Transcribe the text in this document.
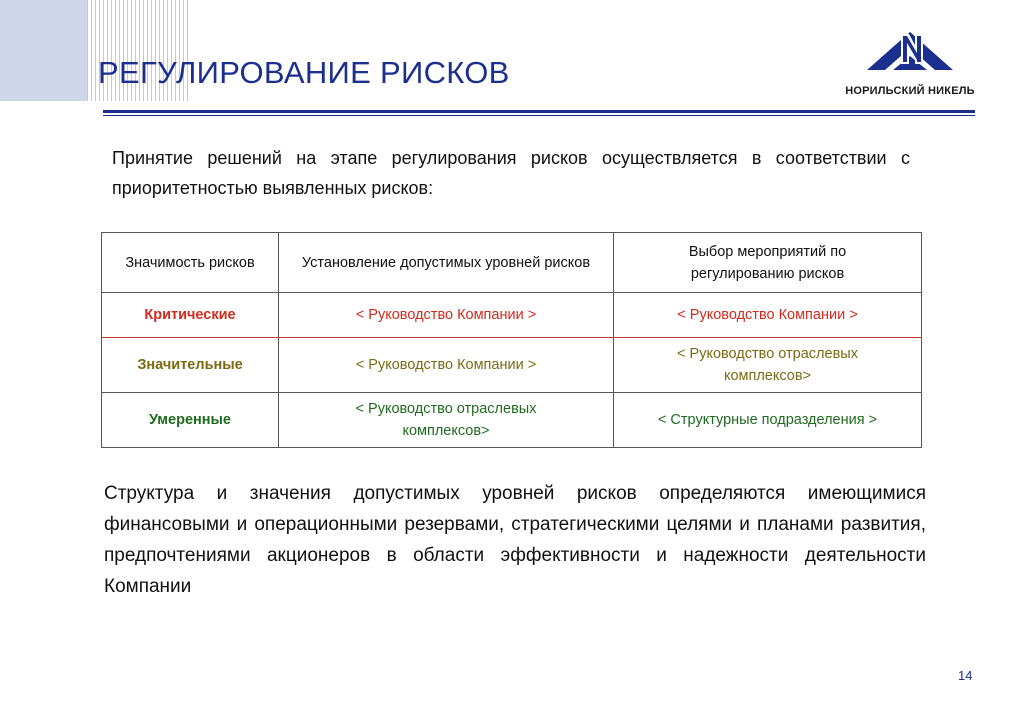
РЕГУЛИРОВАНИЕ РИСКОВ
НОРИЛЬСКИЙ НИКЕЛЬ

Принятие решений на этапе регулирования рисков осуществляется в соответствии с приоритетностью выявленных рисков:

Значимость рисков	Установление допустимых уровней рисков	Выбор мероприятий по регулированию рисков
Критические	< Руководство Компании >	< Руководство Компании >
Значительные	< Руководство Компании >	< Руководство отраслевых комплексов>
Умеренные	< Руководство отраслевых комплексов>	< Структурные подразделения >

Структура и значения допустимых уровней рисков определяются имеющимися финансовыми и операционными резервами, стратегическими целями и планами развития, предпочтениями акционеров в области эффективности и надежности деятельности Компании

14
